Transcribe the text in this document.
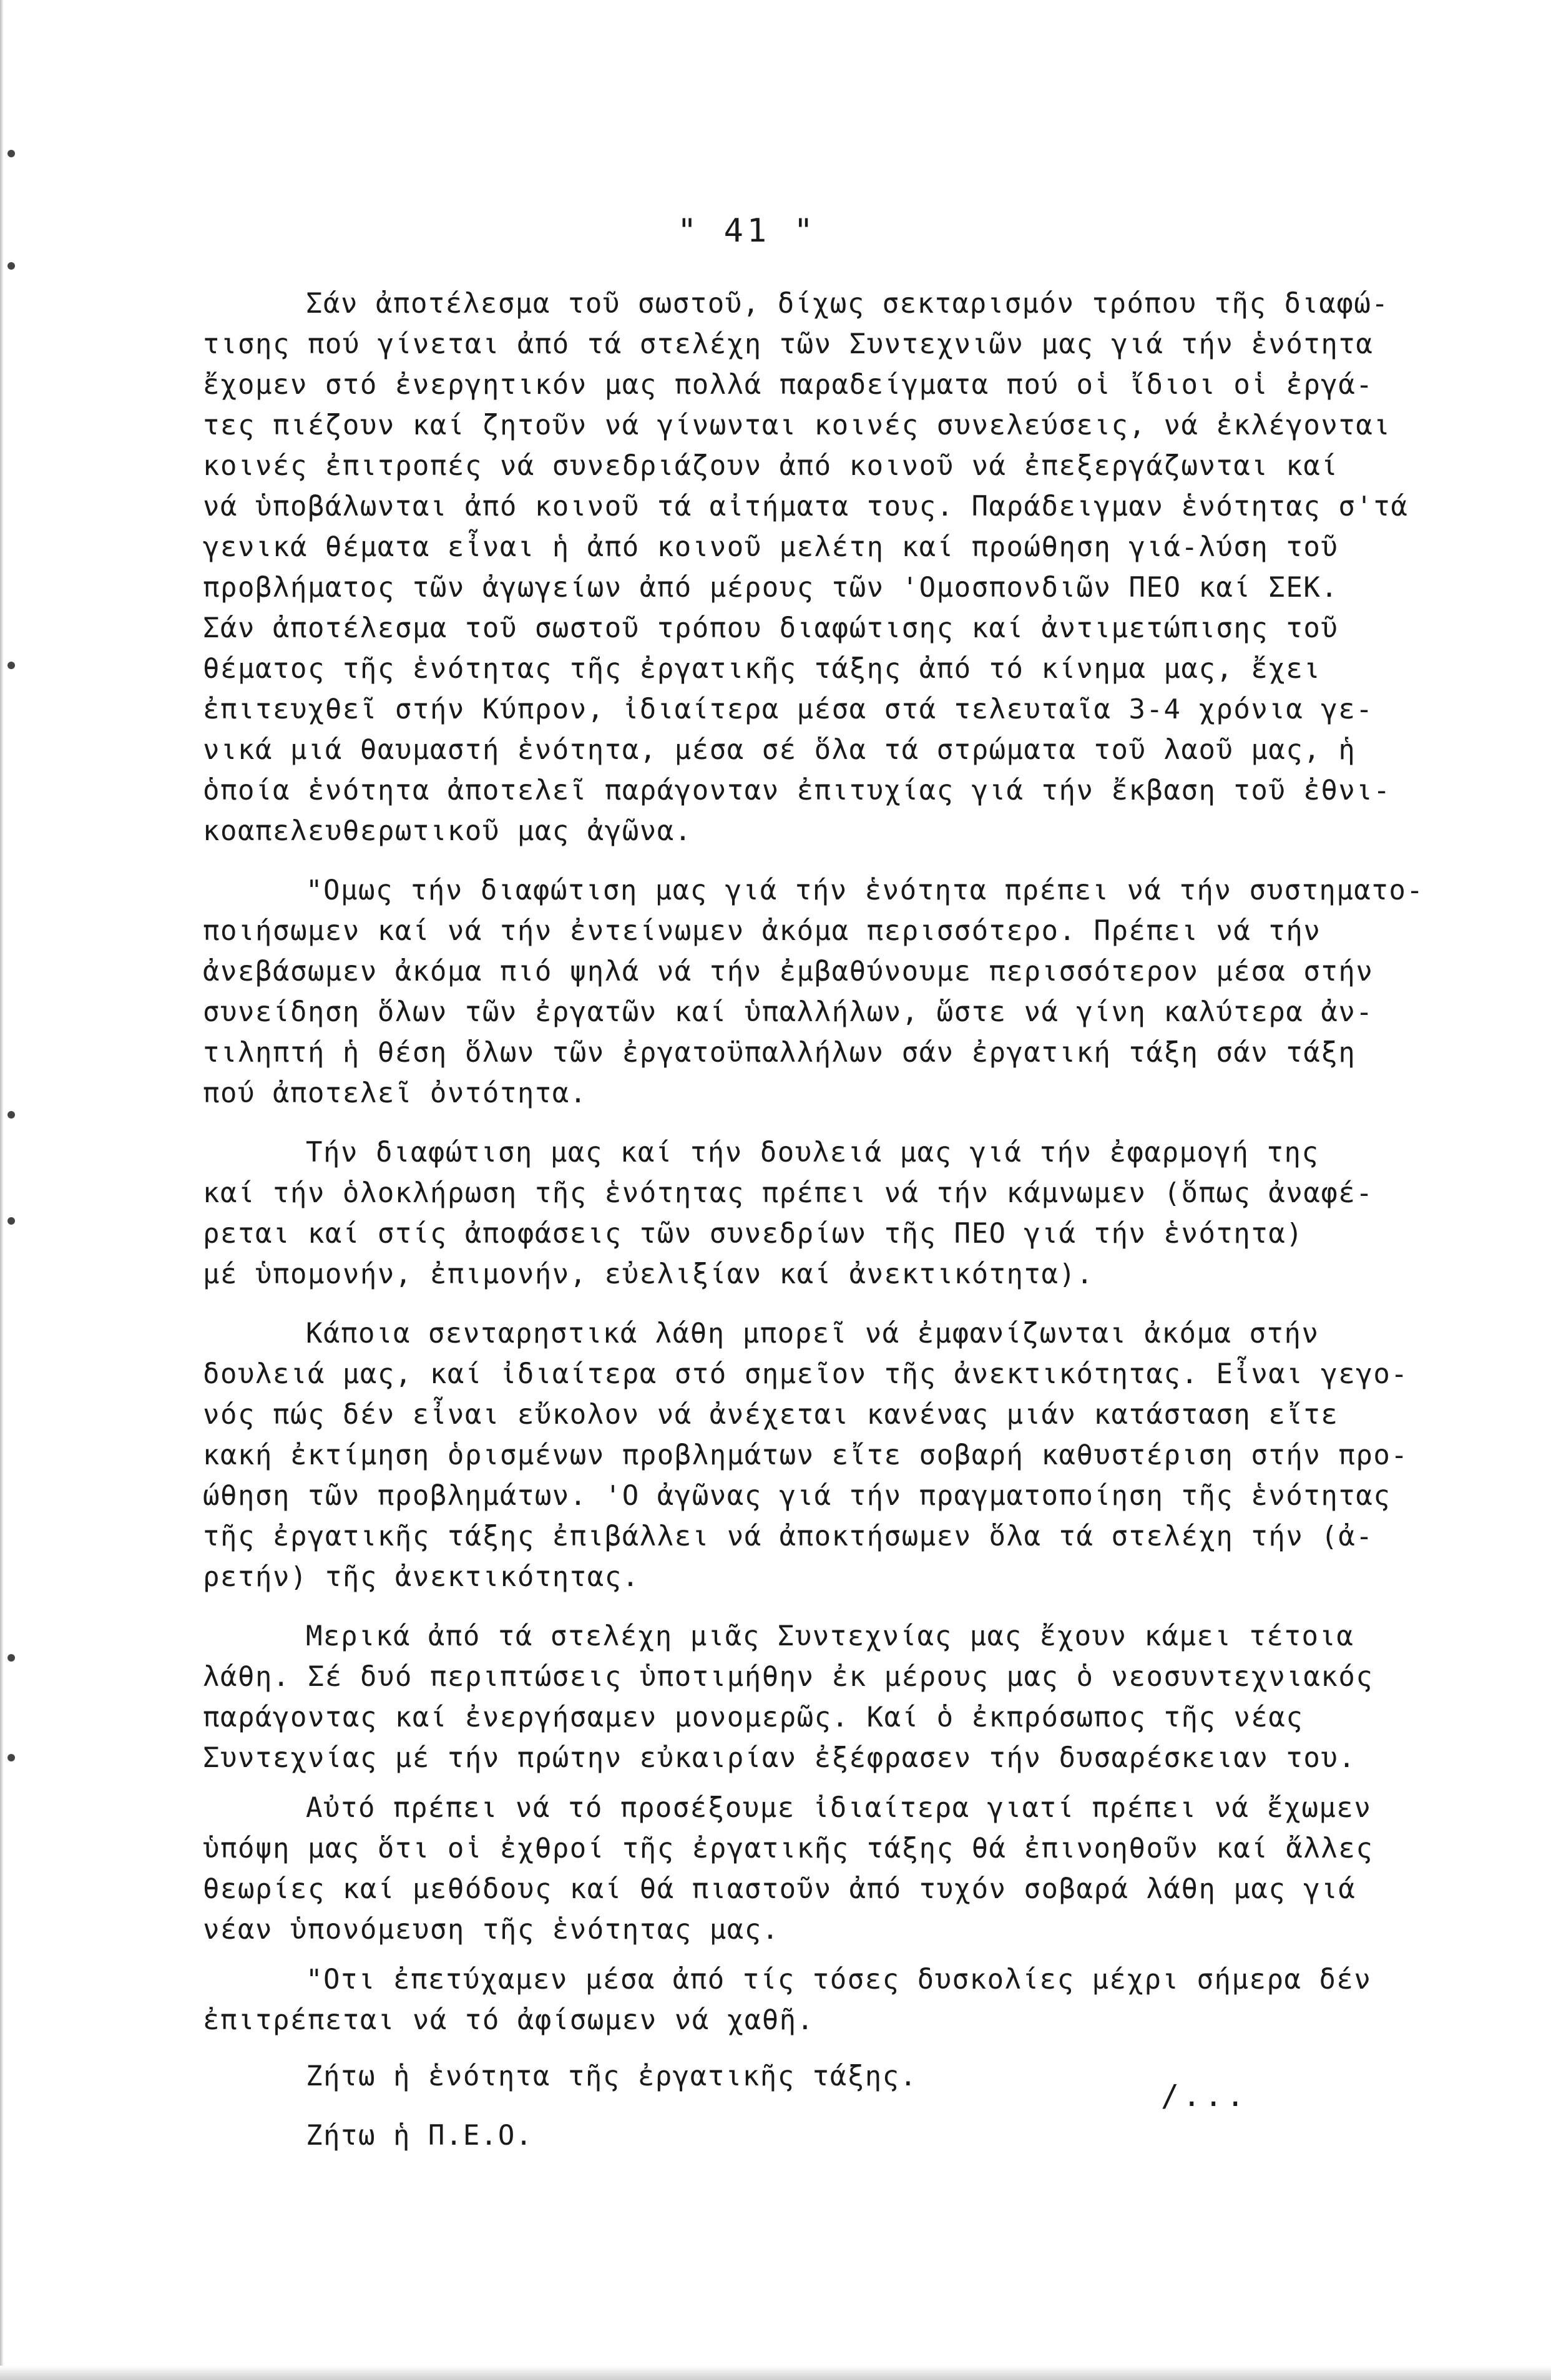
" 41 "
Σάν ἀποτέλεσμα τοῦ σωστοῦ, δίχως σεκταρισμόν τρόπου τῆς διαφώ-
τισης πού γίνεται ἀπό τά στελέχη τῶν Συντεχνιῶν μας γιά τήν ἑνότητα
ἔχομεν στό ἐνεργητικόν μας πολλά παραδείγματα πού οἱ ἴδιοι οἱ ἐργά-
τες πιέζουν καί ζητοῦν νά γίνωνται κοινές συνελεύσεις, νά ἐκλέγονται
κοινές ἐπιτροπές νά συνεδριάζουν ἀπό κοινοῦ νά ἐπεξεργάζωνται καί
νά ὑποβάλωνται ἀπό κοινοῦ τά αἰτήματα τους. Παράδειγμαν ἑνότητας σ'τά
γενικά θέματα εἶναι ἡ ἀπό κοινοῦ μελέτη καί προώθηση γιά-λύση τοῦ
προβλήματος τῶν ἀγωγείων ἀπό μέρους τῶν 'Ομοσπονδιῶν ΠΕΟ καί ΣΕΚ.
Σάν ἀποτέλεσμα τοῦ σωστοῦ τρόπου διαφώτισης καί ἀντιμετώπισης τοῦ
θέματος τῆς ἑνότητας τῆς ἐργατικῆς τάξης ἀπό τό κίνημα μας, ἔχει
ἐπιτευχθεῖ στήν Κύπρον, ἰδιαίτερα μέσα στά τελευταῖα 3-4 χρόνια γε-
νικά μιά θαυμαστή ἑνότητα, μέσα σέ ὅλα τά στρώματα τοῦ λαοῦ μας, ἡ
ὁποία ἑνότητα ἀποτελεῖ παράγονταν ἐπιτυχίας γιά τήν ἔκβαση τοῦ ἐθνι-
κοαπελευθερωτικοῦ μας ἀγῶνα.
"Ομως τήν διαφώτιση μας γιά τήν ἑνότητα πρέπει νά τήν συστηματο-
ποιήσωμεν καί νά τήν ἐντείνωμεν ἀκόμα περισσότερο. Πρέπει νά τήν
ἀνεβάσωμεν ἀκόμα πιό ψηλά νά τήν ἐμβαθύνουμε περισσότερον μέσα στήν
συνείδηση ὅλων τῶν ἐργατῶν καί ὑπαλλήλων, ὥστε νά γίνη καλύτερα ἀν-
τιληπτή ἡ θέση ὅλων τῶν ἐργατοϋπαλλήλων σάν ἐργατική τάξη σάν τάξη
πού ἀποτελεῖ ὀντότητα.
Τήν διαφώτιση μας καί τήν δουλειά μας γιά τήν ἐφαρμογή της
καί τήν ὁλοκλήρωση τῆς ἑνότητας πρέπει νά τήν κάμνωμεν (ὅπως ἀναφέ-
ρεται καί στίς ἀποφάσεις τῶν συνεδρίων τῆς ΠΕΟ γιά τήν ἑνότητα)
μέ ὑπομονήν, ἐπιμονήν, εὐελιξίαν καί ἀνεκτικότητα).
Κάποια σενταρηστικά λάθη μπορεῖ νά ἐμφανίζωνται ἀκόμα στήν
δουλειά μας, καί ἰδιαίτερα στό σημεῖον τῆς ἀνεκτικότητας. Εἶναι γεγο-
νός πώς δέν εἶναι εὔκολον νά ἀνέχεται κανένας μιάν κατάσταση εἴτε
κακή ἐκτίμηση ὁρισμένων προβλημάτων εἴτε σοβαρή καθυστέριση στήν προ-
ώθηση τῶν προβλημάτων. 'Ο ἀγῶνας γιά τήν πραγματοποίηση τῆς ἑνότητας
τῆς ἐργατικῆς τάξης ἐπιβάλλει νά ἀποκτήσωμεν ὅλα τά στελέχη τήν (ἀ-
ρετήν) τῆς ἀνεκτικότητας.
Μερικά ἀπό τά στελέχη μιᾶς Συντεχνίας μας ἔχουν κάμει τέτοια
λάθη. Σέ δυό περιπτώσεις ὑποτιμήθην ἐκ μέρους μας ὁ νεοσυντεχνιακός
παράγοντας καί ἐνεργήσαμεν μονομερῶς. Καί ὁ ἐκπρόσωπος τῆς νέας
Συντεχνίας μέ τήν πρώτην εὐκαιρίαν ἐξέφρασεν τήν δυσαρέσκειαν του.
Αὐτό πρέπει νά τό προσέξουμε ἰδιαίτερα γιατί πρέπει νά ἔχωμεν
ὑπόψη μας ὅτι οἱ ἐχθροί τῆς ἐργατικῆς τάξης θά ἐπινοηθοῦν καί ἄλλες
θεωρίες καί μεθόδους καί θά πιαστοῦν ἀπό τυχόν σοβαρά λάθη μας γιά
νέαν ὑπονόμευση τῆς ἑνότητας μας.
"Οτι ἐπετύχαμεν μέσα ἀπό τίς τόσες δυσκολίες μέχρι σήμερα δέν
ἐπιτρέπεται νά τό ἀφίσωμεν νά χαθῆ.
Ζήτω ἡ ἑνότητα τῆς ἐργατικῆς τάξης.
Ζήτω ἡ Π.Ε.Ο.
/...
